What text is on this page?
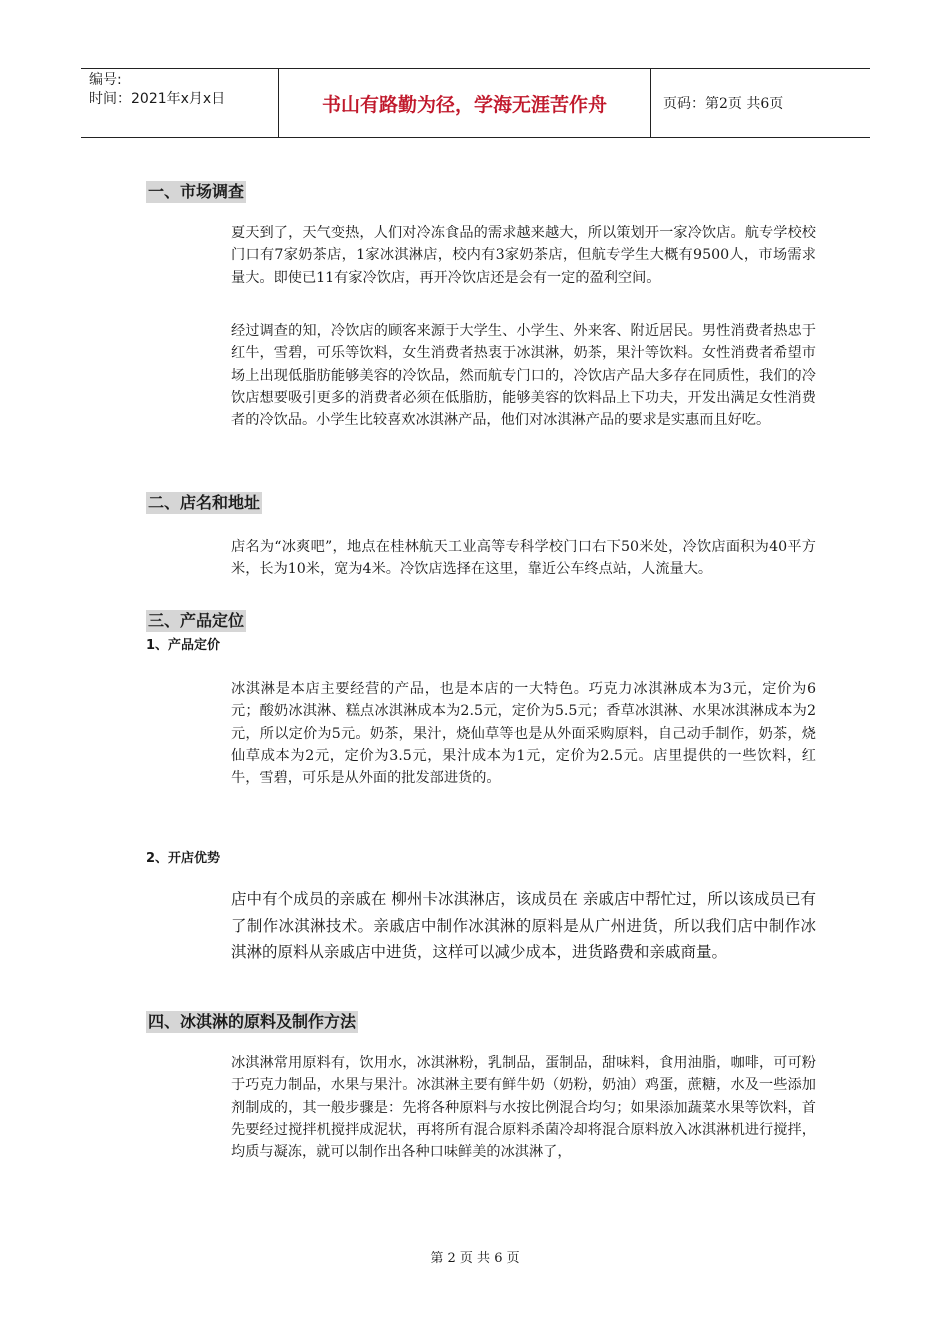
编号:
时间：2021年x月x日	书山有路勤为径，学海无涯苦作舟	页码：第2页 共6页
一、市场调查

夏天到了，天气变热，人们对冷冻食品的需求越来越大，所以策划开一家冷饮店。航专学校校门口有7家奶茶店，1家冰淇淋店，校内有3家奶茶店，但航专学生大概有9500人，市场需求量大。即使已11有家冷饮店，再开冷饮店还是会有一定的盈利空间。

经过调查的知，冷饮店的顾客来源于大学生、小学生、外来客、附近居民。男性消费者热忠于红牛，雪碧，可乐等饮料，女生消费者热衷于冰淇淋，奶茶，果汁等饮料。女性消费者希望市场上出现低脂肪能够美容的冷饮品，然而航专门口的，冷饮店产品大多存在同质性，我们的冷饮店想要吸引更多的消费者必须在低脂肪，能够美容的饮料品上下功夫，开发出满足女性消费者的冷饮品。小学生比较喜欢冰淇淋产品，他们对冰淇淋产品的要求是实惠而且好吃。

二、店名和地址

店名为“冰爽吧”，地点在桂林航天工业高等专科学校门口右下50米处，冷饮店面积为40平方米，长为10米，宽为4米。冷饮店选择在这里，靠近公车终点站，人流量大。

三、产品定位
1、产品定价

冰淇淋是本店主要经营的产品，也是本店的一大特色。巧克力冰淇淋成本为3元，定价为6元；酸奶冰淇淋、糕点冰淇淋成本为2.5元，定价为5.5元；香草冰淇淋、水果冰淇淋成本为2元，所以定价为5元。奶茶，果汁，烧仙草等也是从外面采购原料，自己动手制作，奶茶，烧仙草成本为2元，定价为3.5元，果汁成本为1元，定价为2.5元。店里提供的一些饮料，红牛，雪碧，可乐是从外面的批发部进货的。

2、开店优势

店中有个成员的亲戚在 柳州卡冰淇淋店，该成员在 亲戚店中帮忙过，所以该成员已有了制作冰淇淋技术。亲戚店中制作冰淇淋的原料是从广州进货，所以我们店中制作冰淇淋的原料从亲戚店中进货，这样可以减少成本，进货路费和亲戚商量。

四、冰淇淋的原料及制作方法

冰淇淋常用原料有，饮用水，冰淇淋粉，乳制品，蛋制品，甜味料，食用油脂，咖啡，可可粉于巧克力制品，水果与果汁。冰淇淋主要有鲜牛奶（奶粉，奶油）鸡蛋，蔗糖，水及一些添加剂制成的，其一般步骤是：先将各种原料与水按比例混合均匀；如果添加蔬菜水果等饮料，首先要经过搅拌机搅拌成泥状，再将所有混合原料杀菌冷却将混合原料放入冰淇淋机进行搅拌，均质与凝冻，就可以制作出各种口味鲜美的冰淇淋了，

第 2 页 共 6 页
